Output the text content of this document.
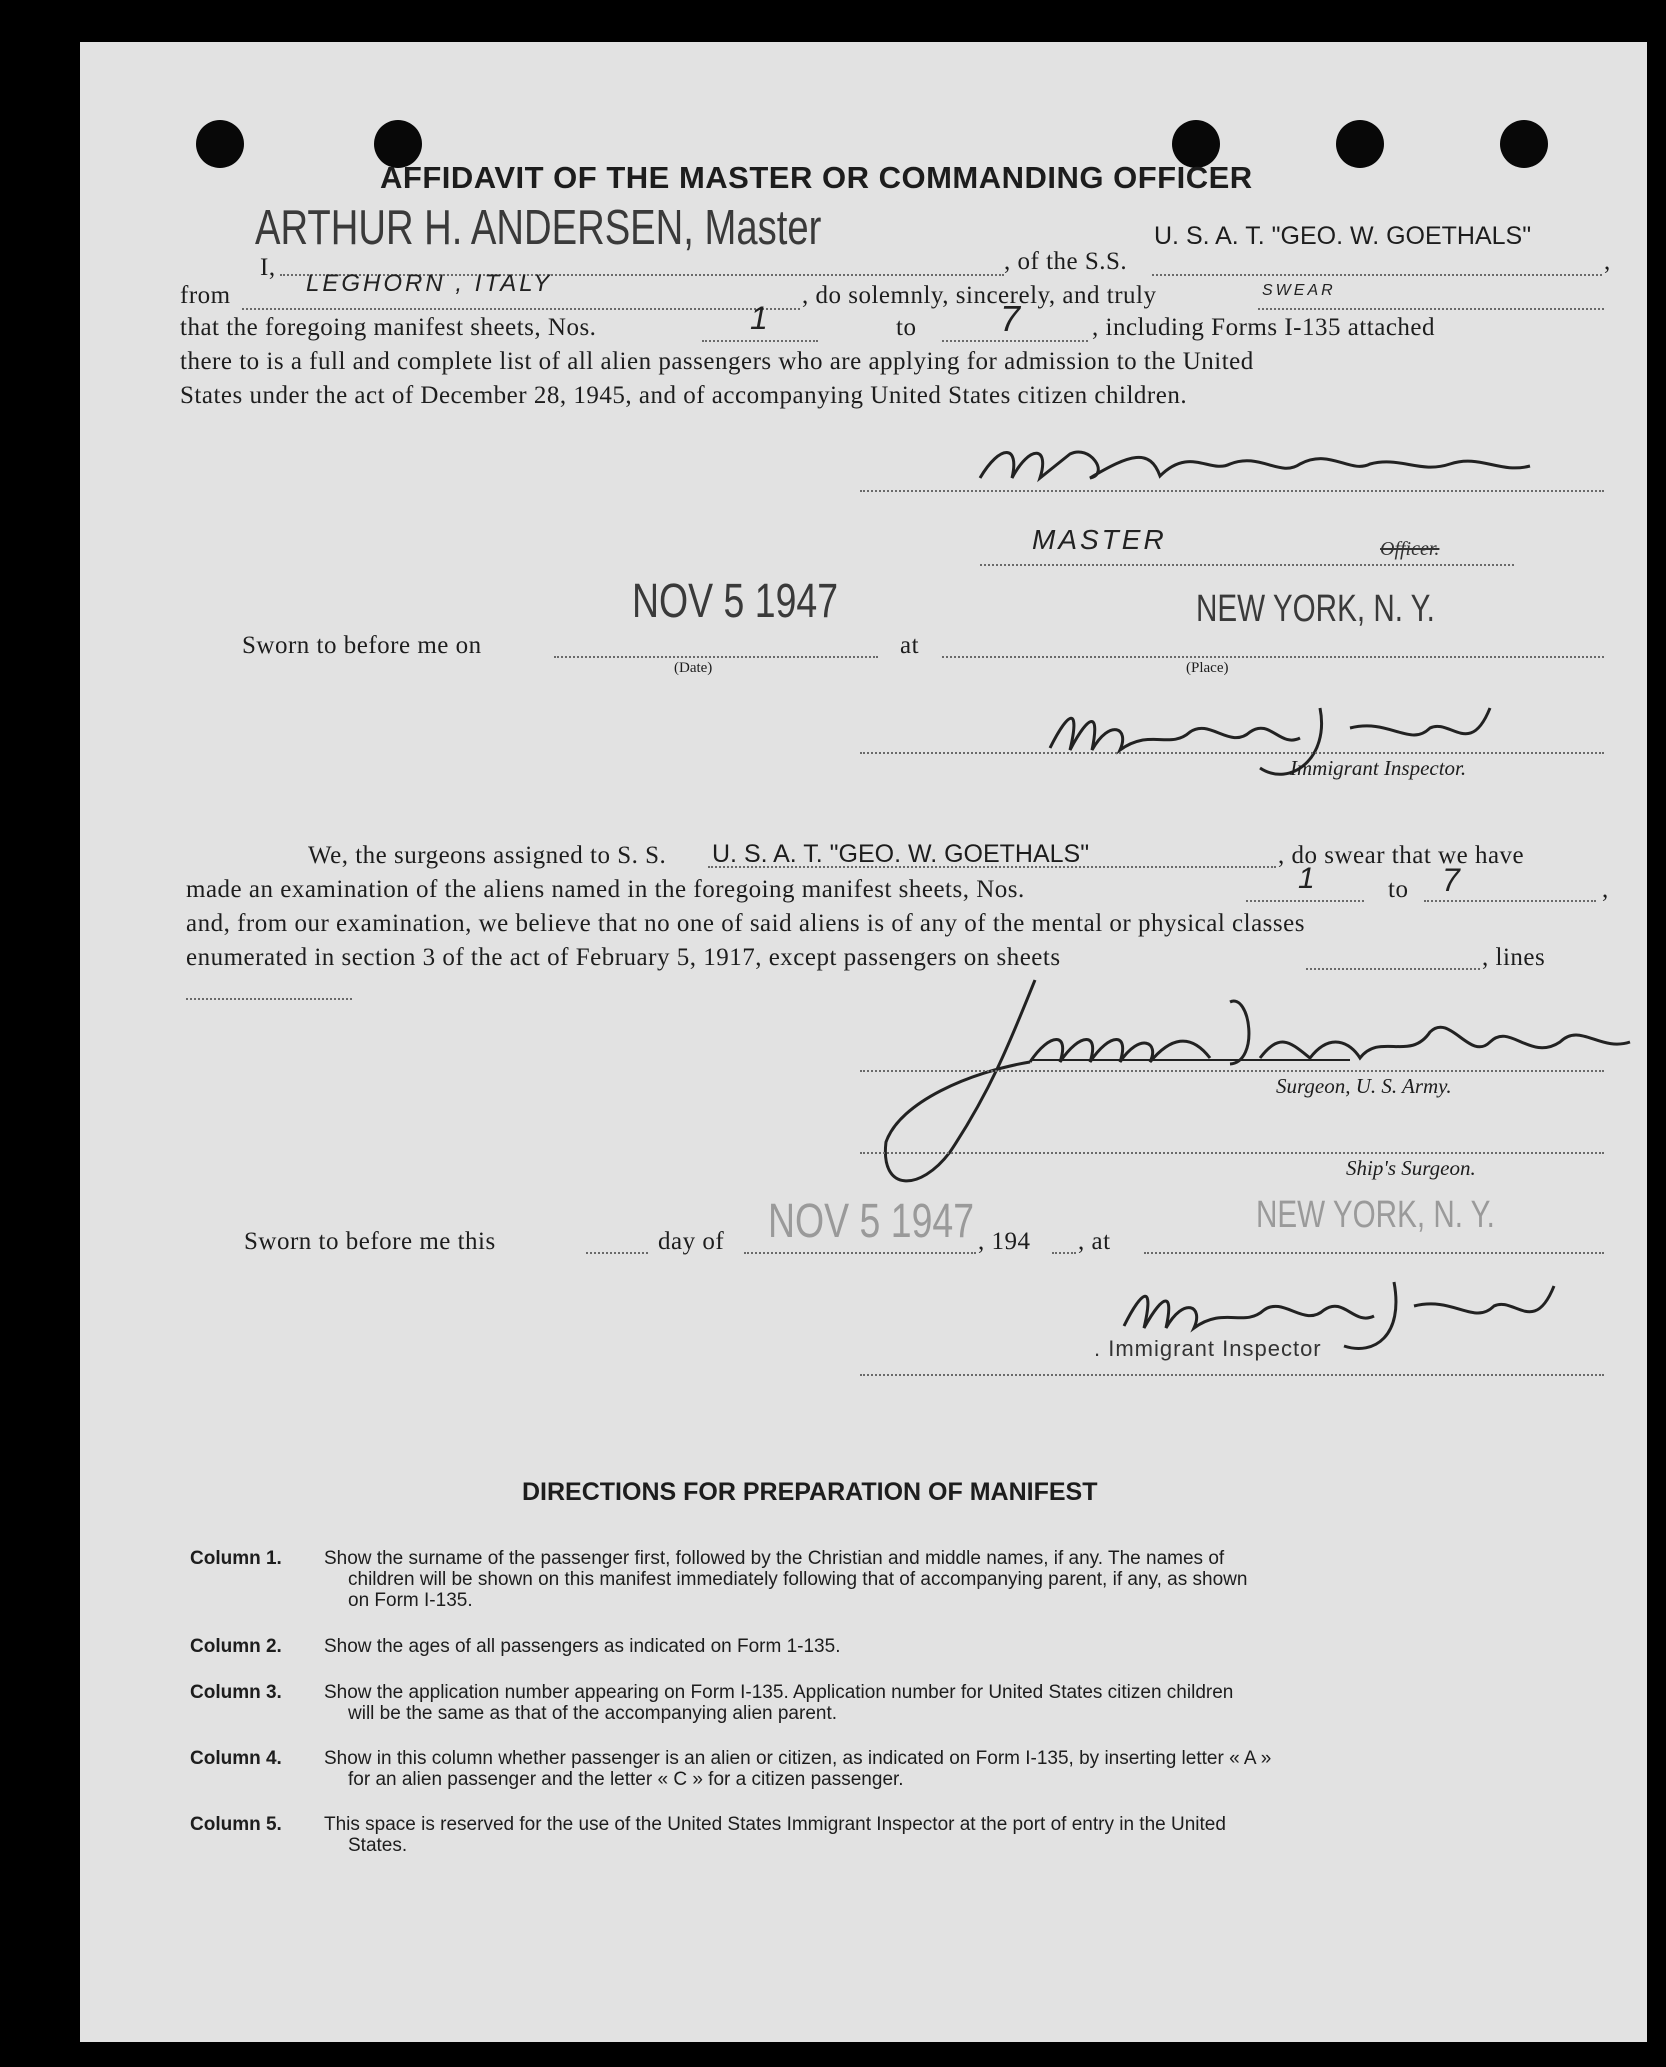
AFFIDAVIT OF THE MASTER OR COMMANDING OFFICER
I,
ARTHUR H. ANDERSEN, Master
, of the S.S.
U. S. A. T. "GEO. W. GOETHALS"
,
from	LEGHORN , ITALY	, do solemnly, sincerely, and truly	SWEAR
that the foregoing manifest sheets, Nos.	1	to 7	, including Forms I-135 attached
there to is a full and complete list of all alien passengers who are applying for admission to the United
States under the act of December 28, 1945, and of accompanying United States citizen children.
MASTER	Officer.
Sworn to before me on
NOV 5 1947
(Date)
at
NEW YORK, N. Y.
(Place)
Immigrant Inspector.
We, the surgeons assigned to S. S. U. S. A. T. "GEO. W. GOETHALS"	, do swear that we have
made an examination of the aliens named in the foregoing manifest sheets, Nos.	1	to 7	,
and, from our examination, we believe that no one of said aliens is of any of the mental or physical classes
enumerated in section 3 of the act of February 5, 1917, except passengers on sheets	, lines
Surgeon, U. S. Army.
Ship's Surgeon.
Sworn to before me this	day of NOV 5 1947 , 194 , at
NEW YORK, N. Y.
. Immigrant Inspector
DIRECTIONS FOR PREPARATION OF MANIFEST
Column 1. Show the surname of the passenger first, followed by the Christian and middle names, if any. The names of
children will be shown on this manifest immediately following that of accompanying parent, if any, as shown
on Form I-135.
Column 2. Show the ages of all passengers as indicated on Form 1-135.
Column 3. Show the application number appearing on Form I-135. Application number for United States citizen children
will be the same as that of the accompanying alien parent.
Column 4. Show in this column whether passenger is an alien or citizen, as indicated on Form I-135, by inserting letter « A »
for an alien passenger and the letter « C » for a citizen passenger.
Column 5. This space is reserved for the use of the United States Immigrant Inspector at the port of entry in the United
States.
